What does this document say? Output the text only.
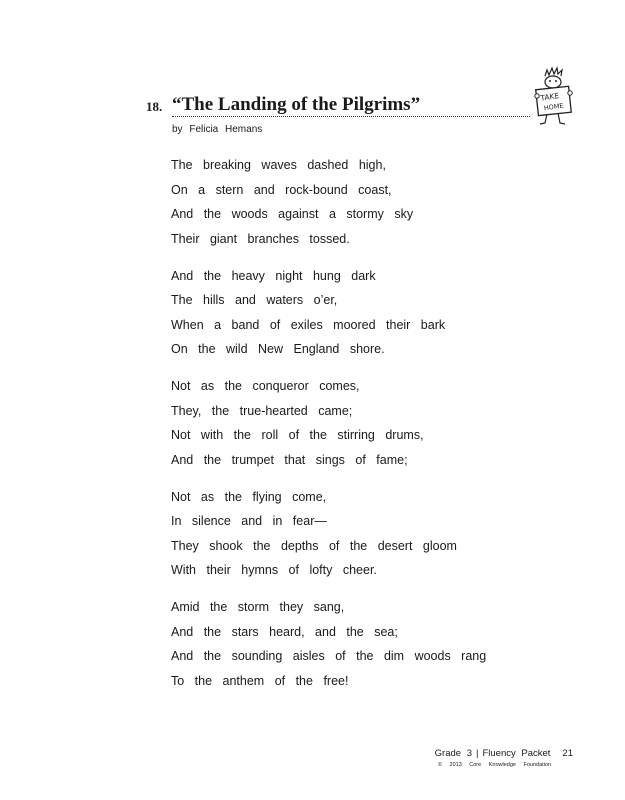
18. “The Landing of the Pilgrims”
by Felicia Hemans
TAKE
HOME
The breaking waves dashed high,
On a stern and rock-bound coast,
And the woods against a stormy sky
Their giant branches tossed.
And the heavy night hung dark
The hills and waters o’er,
When a band of exiles moored their bark
On the wild New England shore.
Not as the conqueror comes,
They, the true-hearted came;
Not with the roll of the stirring drums,
And the trumpet that sings of fame;
Not as the flying come,
In silence and in fear—
They shook the depths of the desert gloom
With their hymns of lofty cheer.
Amid the storm they sang,
And the stars heard, and the sea;
And the sounding aisles of the dim woods rang
To the anthem of the free!
Grade 3 | Fluency Packet 21
© 2013 Core Knowledge Foundation
